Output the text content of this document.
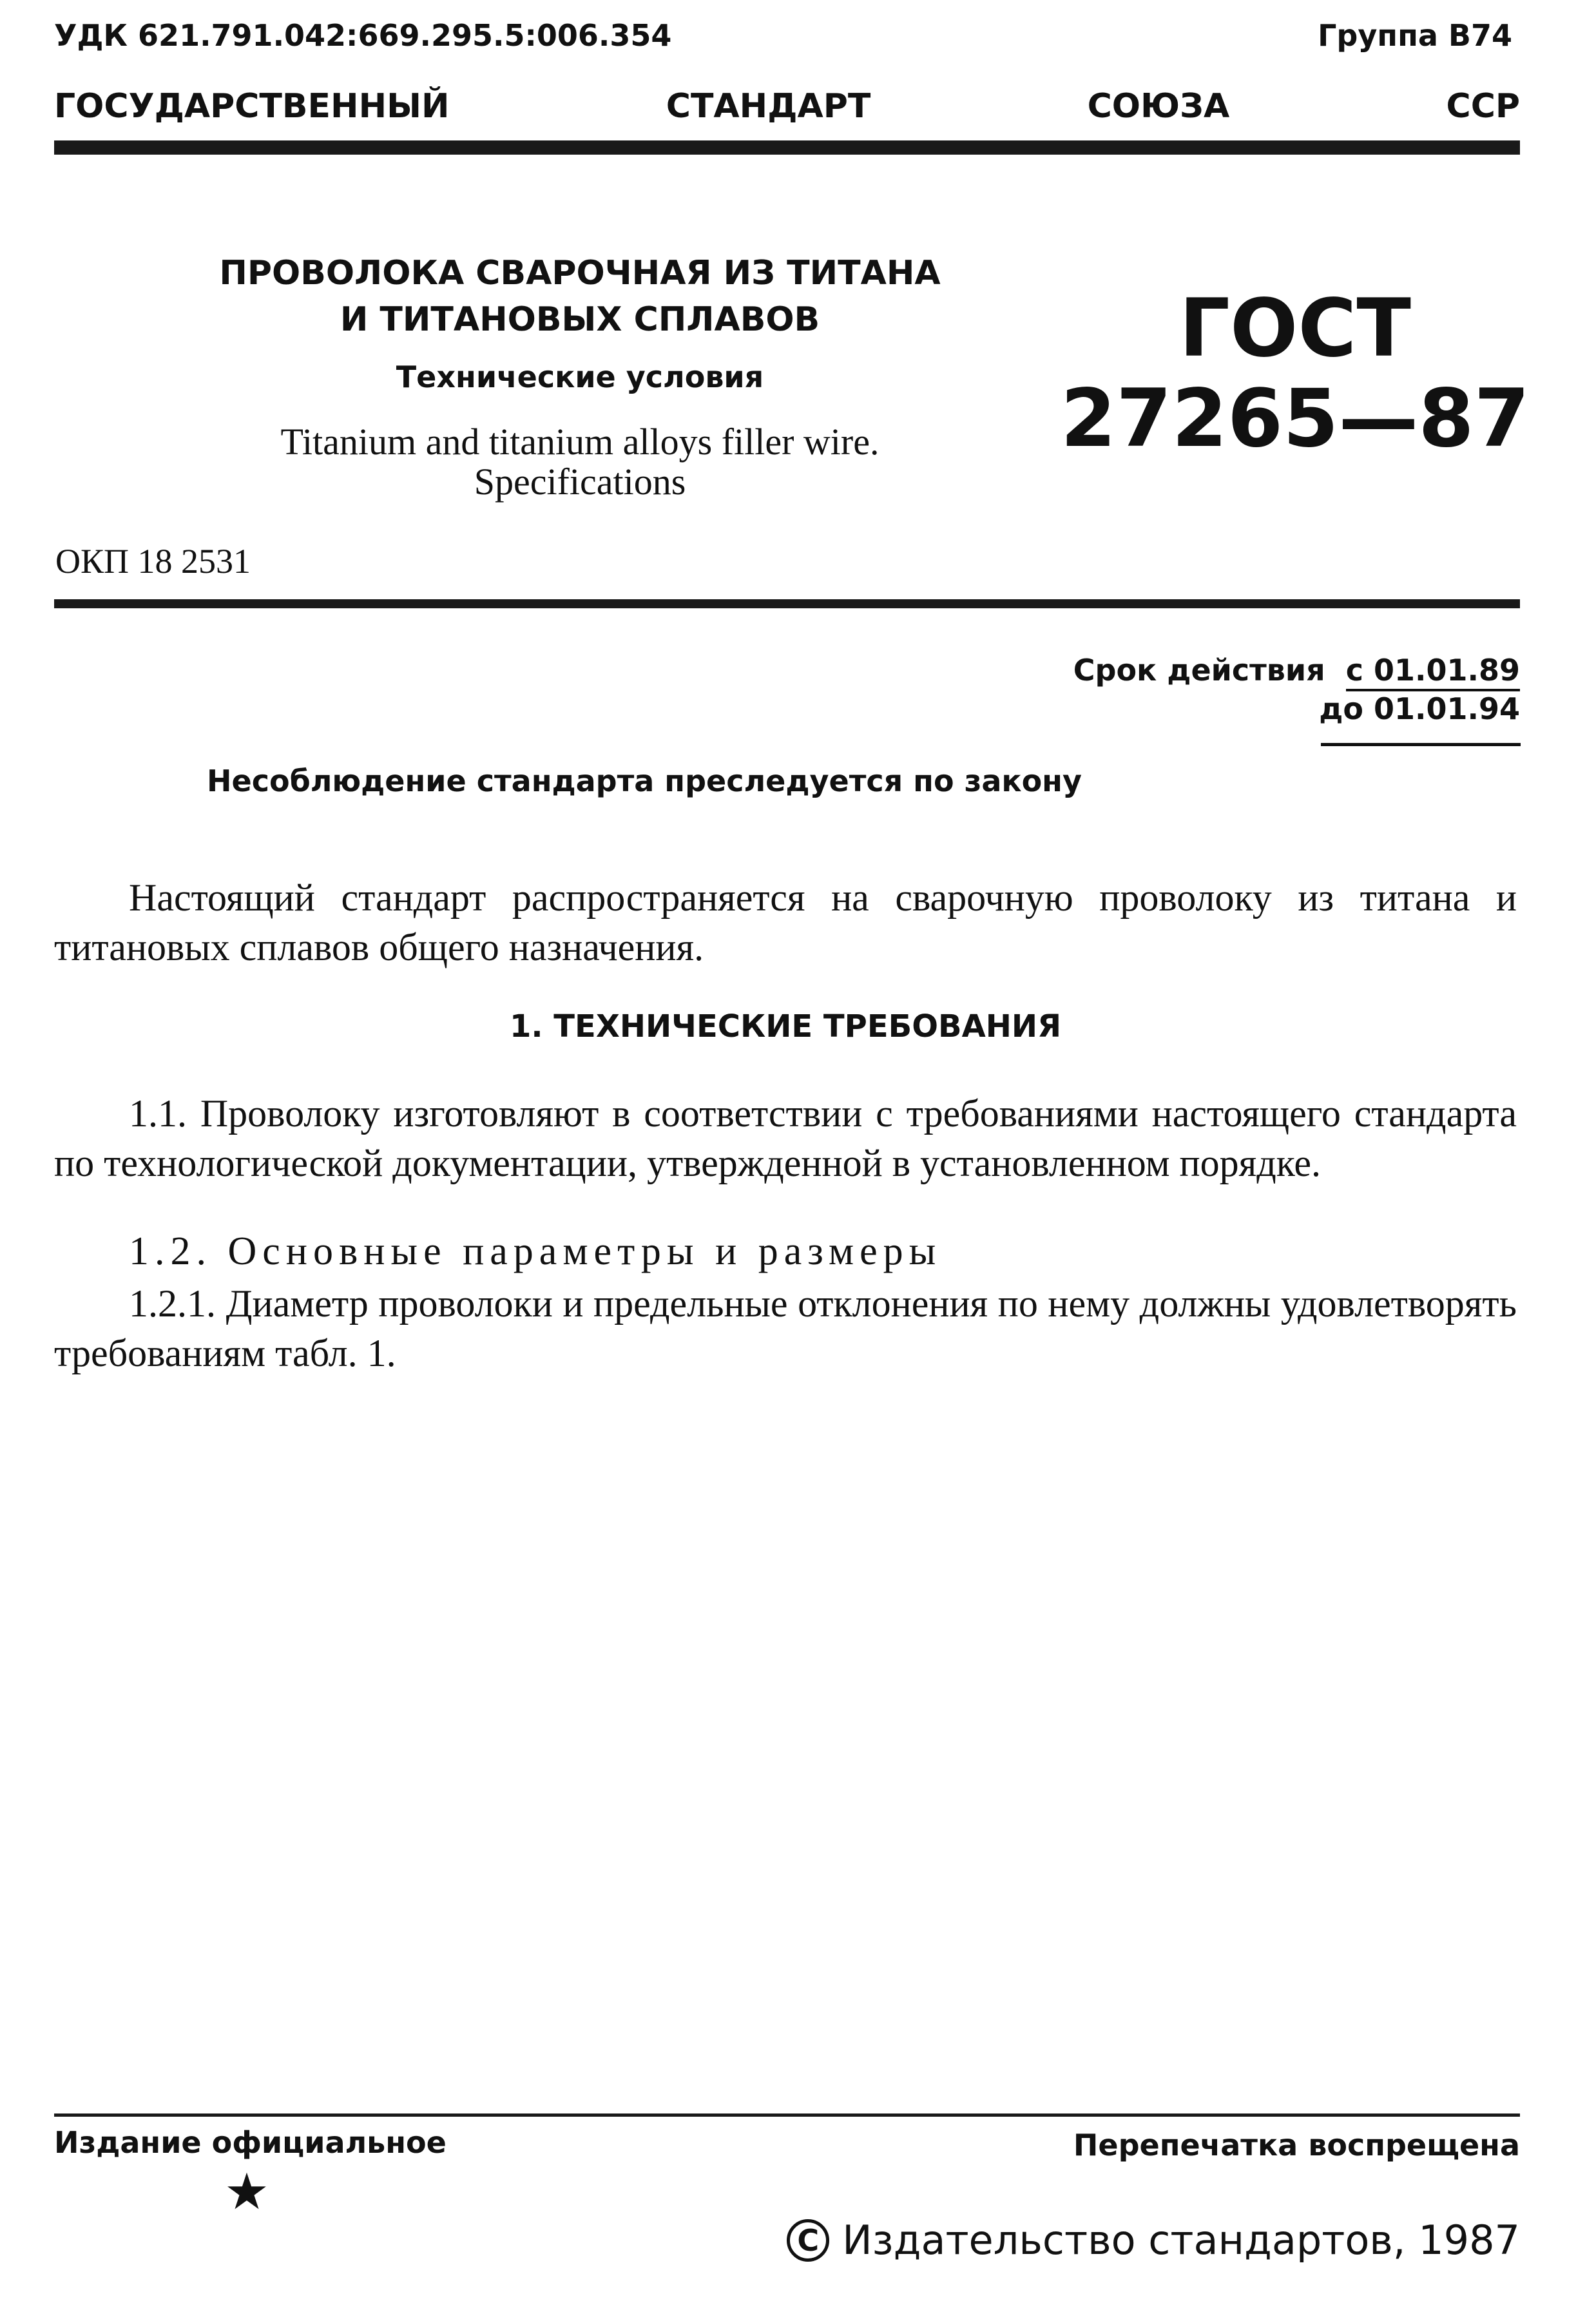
УДК 621.791.042:669.295.5:006.354	Группа В74
ГОСУДАРСТВЕННЫЙ	СТАНДАРТ	СОЮЗА	ССР
ПРОВОЛОКА СВАРОЧНАЯ ИЗ ТИТАНА
И ТИТАНОВЫХ СПЛАВОВ
Технические условия
Titanium and titanium alloys filler wire.
Specifications
ГОСТ
27265—87
ОКП 18 2531
Срок действия с 01.01.89
до 01.01.94
Несоблюдение стандарта преследуется по закону
Настоящий стандарт распространяется на сварочную проволоку из титана и титановых сплавов общего назначения.
1. ТЕХНИЧЕСКИЕ ТРЕБОВАНИЯ
1.1. Проволоку изготовляют в соответствии с требованиями настоящего стандарта по технологической документации, утвержденной в установленном порядке.
1.2. Основные параметры и размеры
1.2.1. Диаметр проволоки и предельные отклонения по нему должны удовлетворять требованиям табл. 1.
Издание официальное	Перепечатка воспрещена
★
C Издательство стандартов, 1987
